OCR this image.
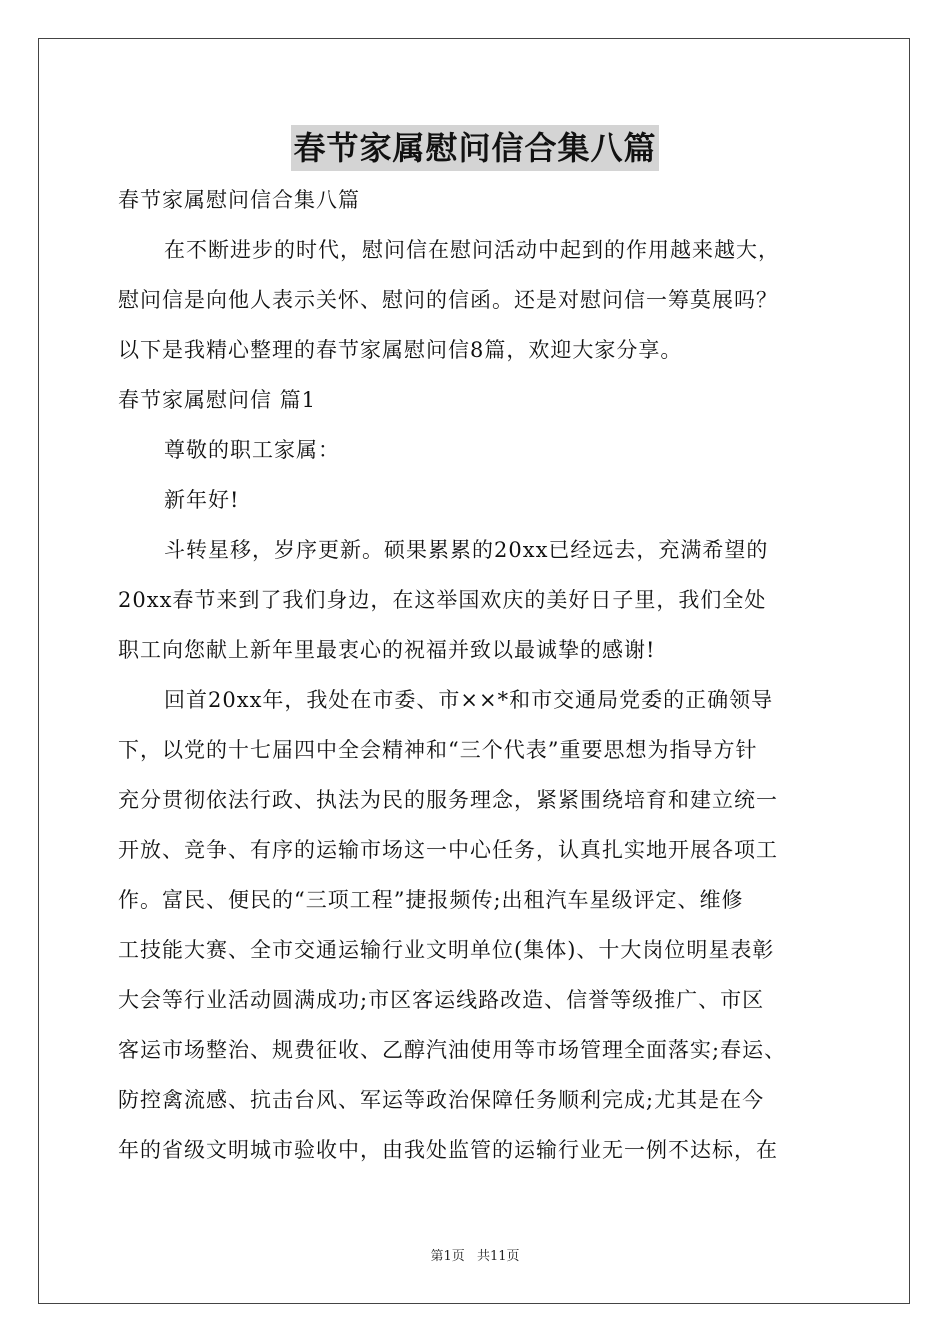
春节家属慰问信合集八篇
春节家属慰问信合集八篇
在不断进步的时代，慰问信在慰问活动中起到的作用越来越大，
慰问信是向他人表示关怀、慰问的信函。还是对慰问信一筹莫展吗？
以下是我精心整理的春节家属慰问信8篇，欢迎大家分享。
春节家属慰问信 篇1
尊敬的职工家属：
新年好!
斗转星移，岁序更新。硕果累累的20xx已经远去，充满希望的
20xx春节来到了我们身边，在这举国欢庆的美好日子里，我们全处
职工向您献上新年里最衷心的祝福并致以最诚挚的感谢!
回首20xx年，我处在市委、市××*和市交通局党委的正确领导
下，以党的十七届四中全会精神和“三个代表”重要思想为指导方针
充分贯彻依法行政、执法为民的服务理念，紧紧围绕培育和建立统一
开放、竞争、有序的运输市场这一中心任务，认真扎实地开展各项工
作。富民、便民的“三项工程”捷报频传;出租汽车星级评定、维修
工技能大赛、全市交通运输行业文明单位(集体)、十大岗位明星表彰
大会等行业活动圆满成功;市区客运线路改造、信誉等级推广、市区
客运市场整治、规费征收、乙醇汽油使用等市场管理全面落实;春运、
防控禽流感、抗击台风、军运等政治保障任务顺利完成;尤其是在今
年的省级文明城市验收中，由我处监管的运输行业无一例不达标，在
第1页 共11页
